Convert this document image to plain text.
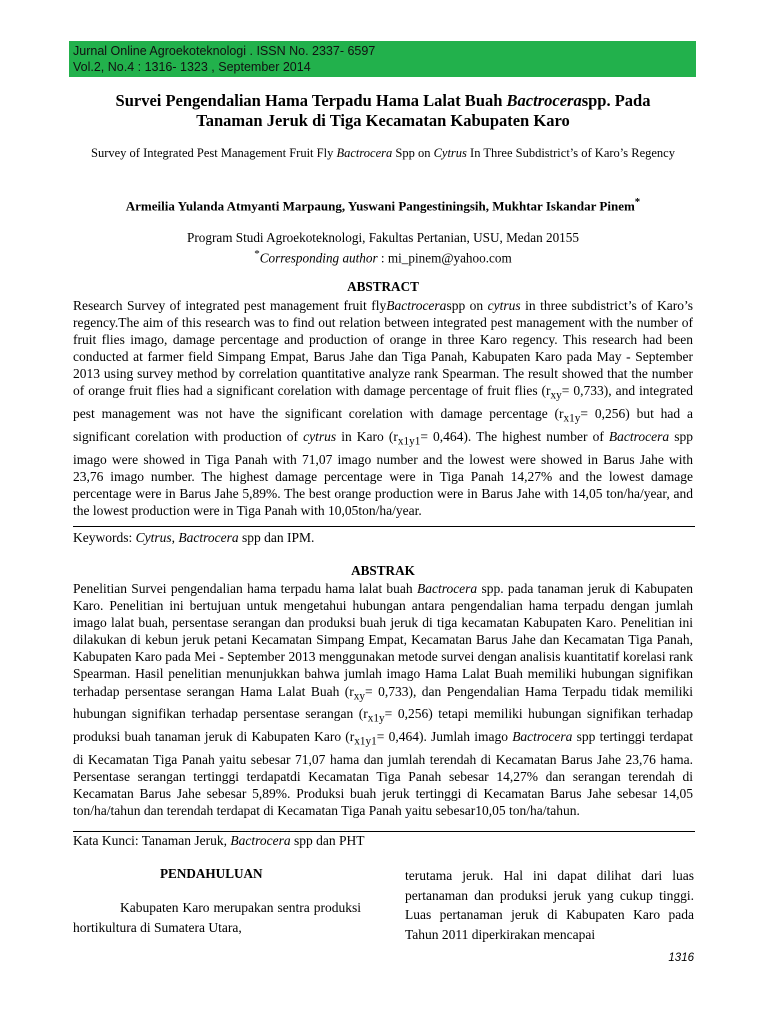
Jurnal Online Agroekoteknologi . ISSN No. 2337- 6597
Vol.2, No.4 : 1316- 1323 , September 2014
Survei Pengendalian Hama Terpadu Hama Lalat Buah Bactroceraspp. Pada
Tanaman Jeruk di Tiga Kecamatan Kabupaten Karo
Survey of Integrated Pest Management Fruit Fly Bactrocera Spp on Cytrus In Three Subdistrict’s of Karo’s Regency
Armeilia Yulanda Atmyanti Marpaung, Yuswani Pangestiningsih, Mukhtar Iskandar Pinem*
Program Studi Agroekoteknologi, Fakultas Pertanian, USU, Medan 20155
*Corresponding author : mi_pinem@yahoo.com
ABSTRACT
Research Survey of integrated pest management fruit flyBactroceraspp on cytrus in three subdistrict’s of Karo’s regency.The aim of this research was to find out relation between integrated pest management with the number of fruit flies imago, damage percentage and production of orange in three Karo regency. This research had been conducted at farmer field Simpang Empat, Barus Jahe dan Tiga Panah, Kabupaten Karo pada May - September 2013 using survey method by correlation quantitative analyze rank Spearman. The result showed that the number of orange fruit flies had a significant corelation with damage percentage of fruit flies $(r_{xy}= 0,733)$, and integrated pest management was not have the significant corelation with damage percentage $(r_{x1y}= 0,256)$ but had a significant corelation with production of cytrus in Karo $(r_{x1y1}= 0,464)$. The highest number of Bactrocera spp imago were showed in Tiga Panah with 71,07 imago number and the lowest were showed in Barus Jahe with 23,76 imago number. The highest damage percentage were in Tiga Panah 14,27% and the lowest damage percentage were in Barus Jahe 5,89%. The best orange production were in Barus Jahe with 14,05 ton/ha/year, and the lowest production were in Tiga Panah with 10,05ton/ha/year.
Keywords: Cytrus, Bactrocera spp dan IPM.
ABSTRAK
Penelitian Survei pengendalian hama terpadu hama lalat buah Bactrocera spp. pada tanaman jeruk di Kabupaten Karo. Penelitian ini bertujuan untuk mengetahui hubungan antara pengendalian hama terpadu dengan jumlah imago lalat buah, persentase serangan dan produksi buah jeruk di tiga kecamatan Kabupaten Karo. Penelitian ini dilakukan di kebun jeruk petani Kecamatan Simpang Empat, Kecamatan Barus Jahe dan Kecamatan Tiga Panah, Kabupaten Karo pada Mei - September 2013 menggunakan metode survei dengan analisis kuantitatif korelasi rank Spearman. Hasil penelitian menunjukkan bahwa jumlah imago Hama Lalat Buah memiliki hubungan signifikan terhadap persentase serangan Hama Lalat Buah $(r_{xy}= 0,733)$, dan Pengendalian Hama Terpadu tidak memiliki hubungan signifikan terhadap persentase serangan $(r_{x1y}= 0,256)$ tetapi memiliki hubungan signifikan terhadap produksi buah tanaman jeruk di Kabupaten Karo $(r_{x1y1}= 0,464)$. Jumlah imago Bactrocera spp tertinggi terdapat di Kecamatan Tiga Panah yaitu sebesar 71,07 hama dan jumlah terendah di Kecamatan Barus Jahe 23,76 hama. Persentase serangan tertinggi terdapatdi Kecamatan Tiga Panah sebesar 14,27% dan serangan terendah di Kecamatan Barus Jahe sebesar 5,89%. Produksi buah jeruk tertinggi di Kecamatan Barus Jahe sebesar 14,05 ton/ha/tahun dan terendah terdapat di Kecamatan Tiga Panah yaitu sebesar10,05 ton/ha/tahun.
Kata Kunci: Tanaman Jeruk, Bactrocera spp dan PHT
PENDAHULUAN
Kabupaten Karo merupakan sentra produksi hortikultura di Sumatera Utara,
terutama jeruk. Hal ini dapat dilihat dari luas pertanaman dan produksi jeruk yang cukup tinggi. Luas pertanaman jeruk di Kabupaten Karo pada Tahun 2011 diperkirakan mencapai
1316
